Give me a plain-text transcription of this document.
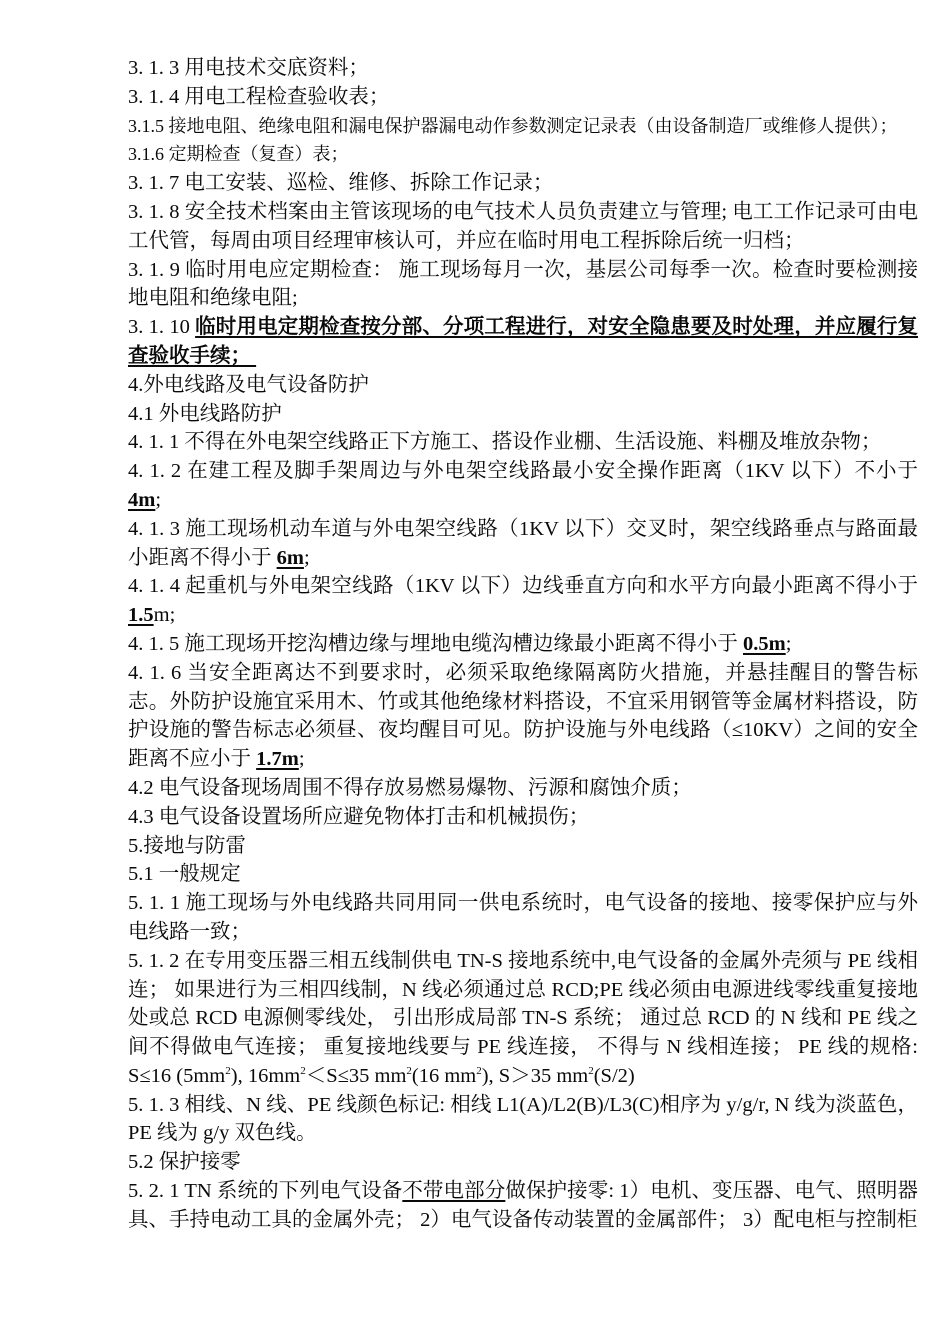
3. 1. 3 用电技术交底资料；

3. 1. 4 用电工程检查验收表；

3.1.5 接地电阻、绝缘电阻和漏电保护器漏电动作参数测定记录表（由设备制造厂或维修人提供）；

3.1.6 定期检查（复查）表；

3. 1. 7 电工安装、巡检、维修、拆除工作记录；

3. 1. 8 安全技术档案由主管该现场的电气技术人员负责建立与管理; 电工工作记录可由电工代管，每周由项目经理审核认可，并应在临时用电工程拆除后统一归档；

3. 1. 9 临时用电应定期检查： 施工现场每月一次，基层公司每季一次。检查时要检测接地电阻和绝缘电阻;

3. 1. 10 临时用电定期检查按分部、分项工程进行，对安全隐患要及时处理，并应履行复查验收手续；

4.外电线路及电气设备防护

4.1 外电线路防护

4. 1. 1 不得在外电架空线路正下方施工、搭设作业棚、生活设施、料棚及堆放杂物；

4. 1. 2 在建工程及脚手架周边与外电架空线路最小安全操作距离（1KV 以下）不小于 4m;

4. 1. 3 施工现场机动车道与外电架空线路（1KV 以下）交叉时，架空线路垂点与路面最小距离不得小于 6m;

4. 1. 4 起重机与外电架空线路（1KV 以下）边线垂直方向和水平方向最小距离不得小于 1.5m;

4. 1. 5 施工现场开挖沟槽边缘与埋地电缆沟槽边缘最小距离不得小于 0.5m;

4. 1. 6 当安全距离达不到要求时，必须采取绝缘隔离防火措施，并悬挂醒目的警告标志。外防护设施宜采用木、竹或其他绝缘材料搭设，不宜采用钢管等金属材料搭设，防护设施的警告标志必须昼、夜均醒目可见。防护设施与外电线路（≤10KV）之间的安全距离不应小于 1.7m;

4.2 电气设备现场周围不得存放易燃易爆物、污源和腐蚀介质；

4.3 电气设备设置场所应避免物体打击和机械损伤；

5.接地与防雷

5.1 一般规定

5. 1. 1 施工现场与外电线路共同用同一供电系统时，电气设备的接地、接零保护应与外电线路一致；

5. 1. 2 在专用变压器三相五线制供电 TN-S 接地系统中,电气设备的金属外壳须与 PE 线相连； 如果进行为三相四线制，N 线必须通过总 RCD;PE 线必须由电源进线零线重复接地处或总 RCD 电源侧零线处， 引出形成局部 TN-S 系统； 通过总 RCD 的 N 线和 PE 线之间不得做电气连接； 重复接地线要与 PE 线连接， 不得与 N 线相连接； PE 线的规格: S≤16 $(5mm^2)$, $16mm^2<S\le 35$ $mm^2(16$ $mm^2$), S＞35 $mm^2(S/2)$

5. 1. 3 相线、N 线、PE 线颜色标记: 相线 L1(A)/L2(B)/L3(C)相序为 y/g/r, N 线为淡蓝色，PE 线为 g/y 双色线。

5.2 保护接零

5. 2. 1 TN 系统的下列电气设备不带电部分做保护接零: 1）电机、变压器、电气、照明器具、手持电动工具的金属外壳； 2）电气设备传动装置的金属部件； 3）配电柜与控制柜
